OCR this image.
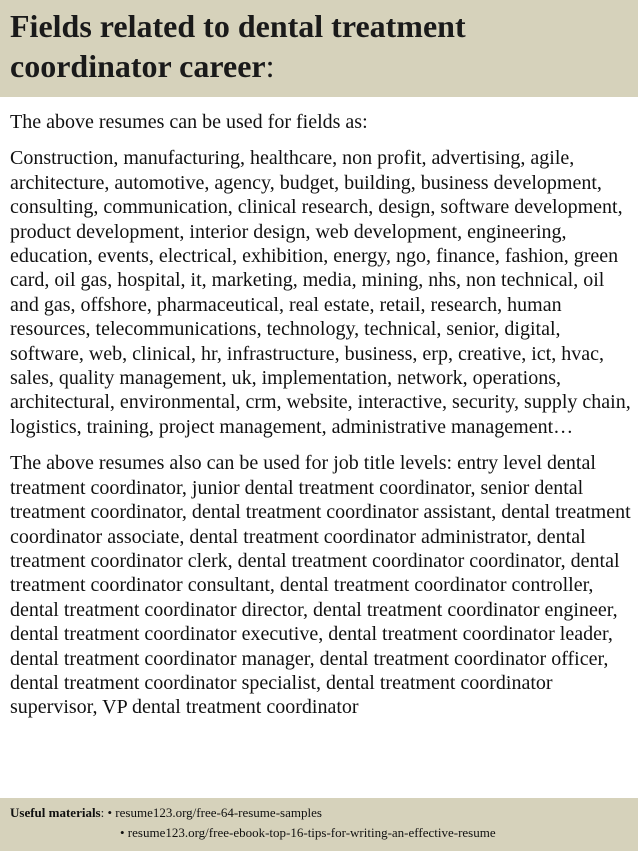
Fields related to dental treatment coordinator career:

The above resumes can be used for fields as:

Construction, manufacturing, healthcare, non profit, advertising, agile, architecture, automotive, agency, budget, building, business development, consulting, communication, clinical research, design, software development, product development, interior design, web development, engineering, education, events, electrical, exhibition, energy, ngo, finance, fashion, green card, oil gas, hospital, it, marketing, media, mining, nhs, non technical, oil and gas, offshore, pharmaceutical, real estate, retail, research, human resources, telecommunications, technology, technical, senior, digital, software, web, clinical, hr, infrastructure, business, erp, creative, ict, hvac, sales, quality management, uk, implementation, network, operations, architectural, environmental, crm, website, interactive, security, supply chain, logistics, training, project management, administrative management…

The above resumes also can be used for job title levels: entry level dental treatment coordinator, junior dental treatment coordinator, senior dental treatment coordinator, dental treatment coordinator assistant, dental treatment coordinator associate, dental treatment coordinator administrator, dental treatment coordinator clerk, dental treatment coordinator coordinator, dental treatment coordinator consultant, dental treatment coordinator controller, dental treatment coordinator director, dental treatment coordinator engineer, dental treatment coordinator executive, dental treatment coordinator leader, dental treatment coordinator manager, dental treatment coordinator officer, dental treatment coordinator specialist, dental treatment coordinator supervisor, VP dental treatment coordinator

Useful materials: • resume123.org/free-64-resume-samples
• resume123.org/free-ebook-top-16-tips-for-writing-an-effective-resume
